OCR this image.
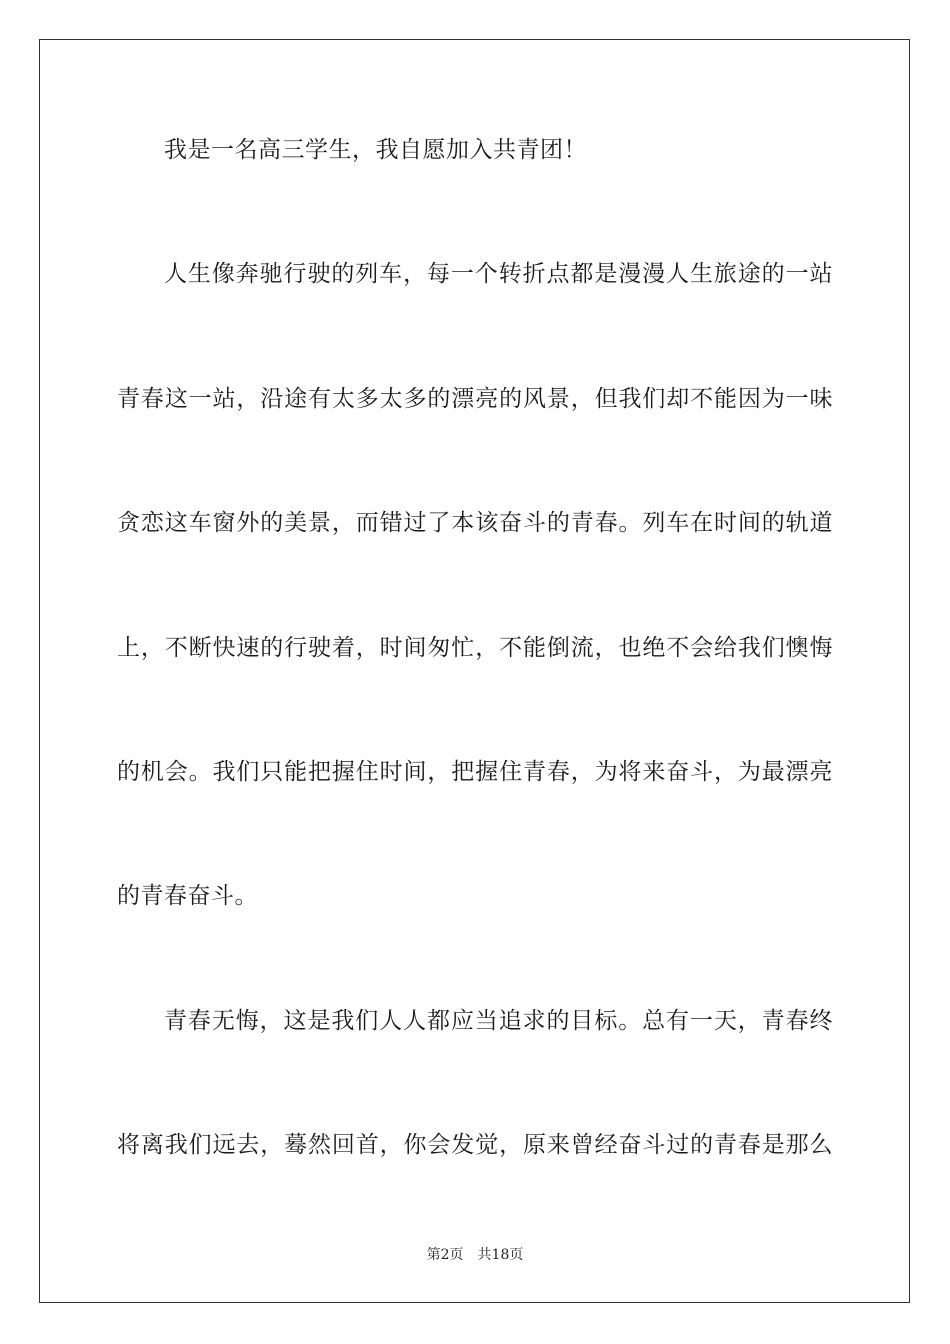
我是一名高三学生，我自愿加入共青团！
人生像奔驰行驶的列车，每一个转折点都是漫漫人生旅途的一站
青春这一站，沿途有太多太多的漂亮的风景，但我们却不能因为一味
贪恋这车窗外的美景，而错过了本该奋斗的青春。列车在时间的轨道
上，不断快速的行驶着，时间匆忙，不能倒流，也绝不会给我们懊悔
的机会。我们只能把握住时间，把握住青春，为将来奋斗，为最漂亮
的青春奋斗。
青春无悔，这是我们人人都应当追求的目标。总有一天，青春终
将离我们远去，蓦然回首，你会发觉，原来曾经奋斗过的青春是那么
第2页 共18页
